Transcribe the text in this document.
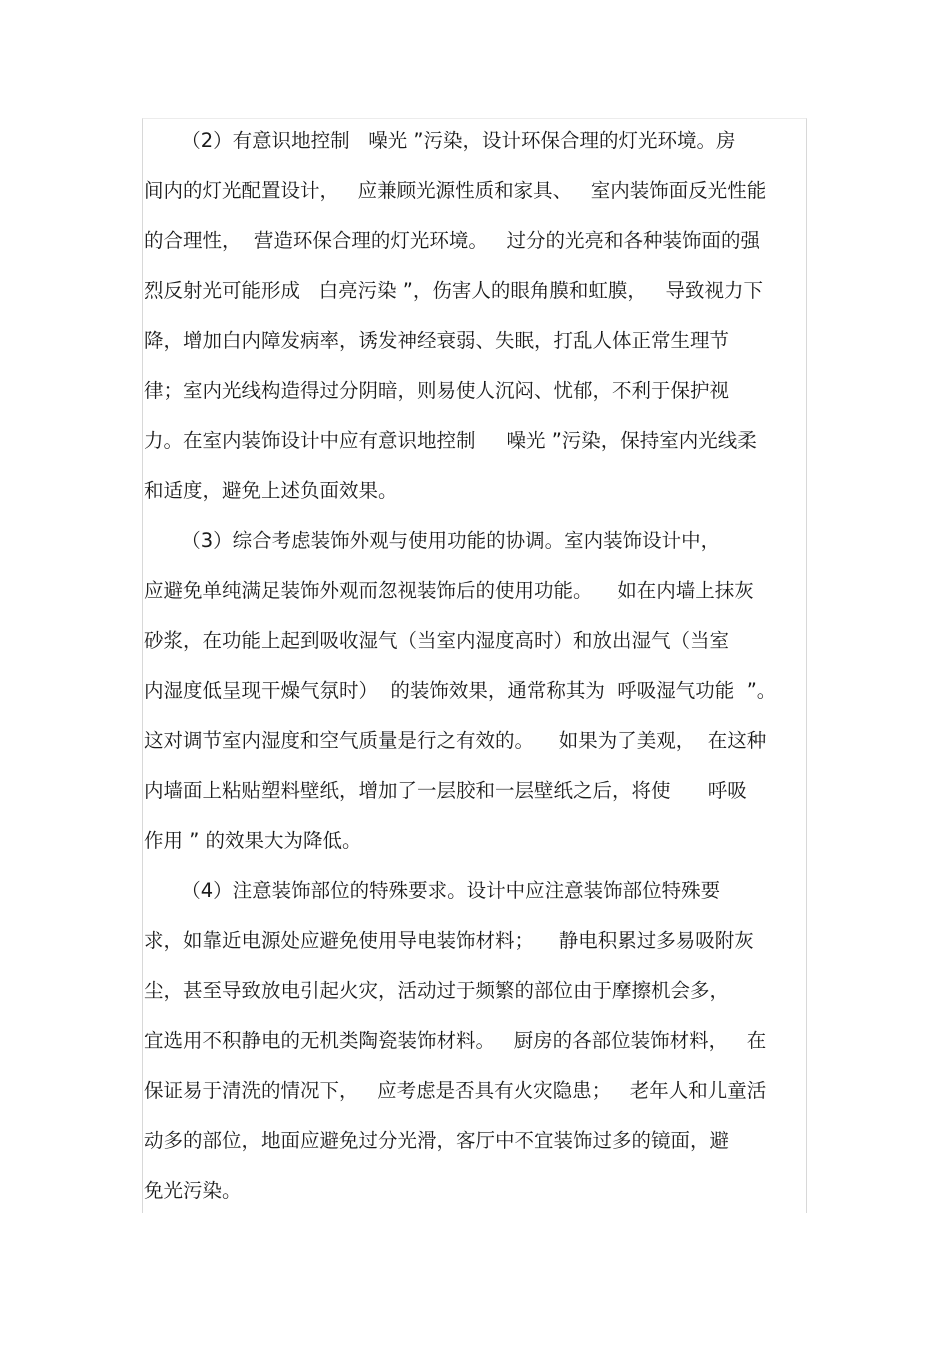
（2）有意识地控制   噪光 ”污染，设计环保合理的灯光环境。房
间内的灯光配置设计，   应兼顾光源性质和家具、   室内装饰面反光性能
的合理性，  营造环保合理的灯光环境。   过分的光亮和各种装饰面的强
烈反射光可能形成   白亮污染 ”，伤害人的眼角膜和虹膜，   导致视力下
降，增加白内障发病率，诱发神经衰弱、失眠，打乱人体正常生理节
律；室内光线构造得过分阴暗，则易使人沉闷、忧郁，不利于保护视
力。在室内装饰设计中应有意识地控制     噪光 ”污染，保持室内光线柔
和适度，避免上述负面效果。
（3）综合考虑装饰外观与使用功能的协调。室内装饰设计中，
应避免单纯满足装饰外观而忽视装饰后的使用功能。    如在内墙上抹灰
砂浆，在功能上起到吸收湿气（当室内湿度高时）和放出湿气（当室
内湿度低呈现干燥气氛时）  的装饰效果，通常称其为  呼吸湿气功能  ”。
这对调节室内湿度和空气质量是行之有效的。    如果为了美观，  在这种
内墙面上粘贴塑料壁纸，增加了一层胶和一层壁纸之后，将使      呼吸
作用 ” 的效果大为降低。
（4）注意装饰部位的特殊要求。设计中应注意装饰部位特殊要
求，如靠近电源处应避免使用导电装饰材料；    静电积累过多易吸附灰
尘，甚至导致放电引起火灾，活动过于频繁的部位由于摩擦机会多，
宜选用不积静电的无机类陶瓷装饰材料。   厨房的各部位装饰材料，   在
保证易于清洗的情况下，   应考虑是否具有火灾隐患；   老年人和儿童活
动多的部位，地面应避免过分光滑，客厅中不宜装饰过多的镜面，避
免光污染。
